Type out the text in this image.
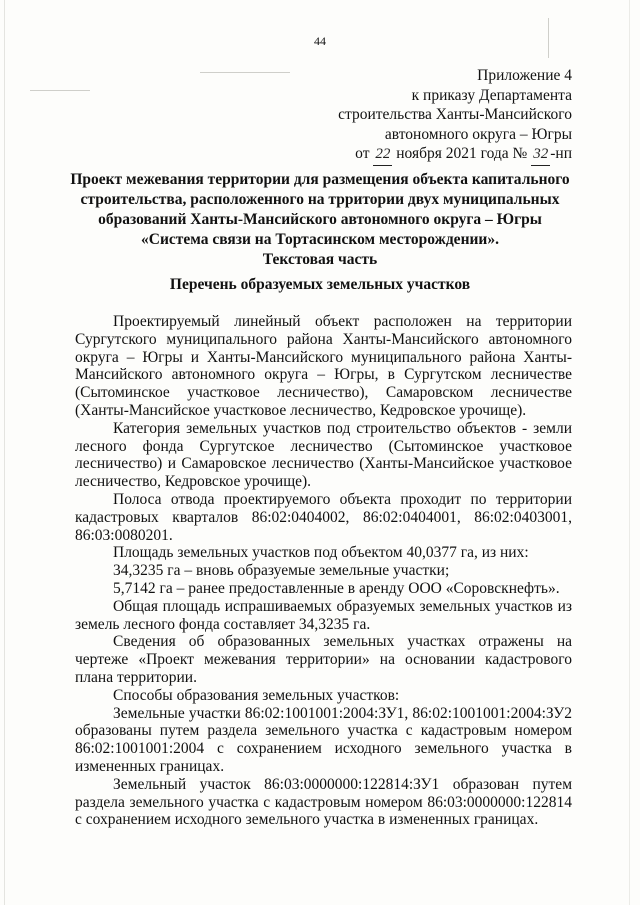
44
Приложение 4
к приказу Департамента
строительства Ханты-Мансийского
автономного округа – Югры
от 22 ноября 2021 года № 32 -нп
Проект межевания территории для размещения объекта капитального
строительства, расположенного на трритории двух муниципальных
образований Ханты-Мансийского автономного округа – Югры
«Система связи на Тортасинском месторождении».
Текстовая часть
Перечень образуемых земельных участков

Проектируемый линейный объект расположен на территории Сургутского муниципального района Ханты-Мансийского автономного округа – Югры и Ханты-Мансийского муниципального района Ханты-Мансийского автономного округа – Югры, в Сургутском лесничестве (Сытоминское участковое лесничество), Самаровском лесничестве (Ханты-Мансийское участковое лесничество, Кедровское урочище).

Категория земельных участков под строительство объектов - земли лесного фонда Сургутское лесничество (Сытоминское участковое лесничество) и Самаровское лесничество (Ханты-Мансийское участковое лесничество, Кедровское урочище).

Полоса отвода проектируемого объекта проходит по территории кадастровых кварталов 86:02:0404002, 86:02:0404001, 86:02:0403001, 86:03:0080201.

Площадь земельных участков под объектом 40,0377 га, из них:

34,3235 га – вновь образуемые земельные участки;

5,7142 га – ранее предоставленные в аренду ООО «Соровскнефть».

Общая площадь испрашиваемых образуемых земельных участков из земель лесного фонда составляет 34,3235 га.

Сведения об образованных земельных участках отражены на чертеже «Проект межевания территории» на основании кадастрового плана территории.

Способы образования земельных участков:

Земельные участки 86:02:1001001:2004:ЗУ1, 86:02:1001001:2004:ЗУ2 образованы путем раздела земельного участка с кадастровым номером 86:02:1001001:2004 с сохранением исходного земельного участка в измененных границах.

Земельный участок 86:03:0000000:122814:ЗУ1 образован путем раздела земельного участка с кадастровым номером 86:03:0000000:122814 с сохранением исходного земельного участка в измененных границах.
